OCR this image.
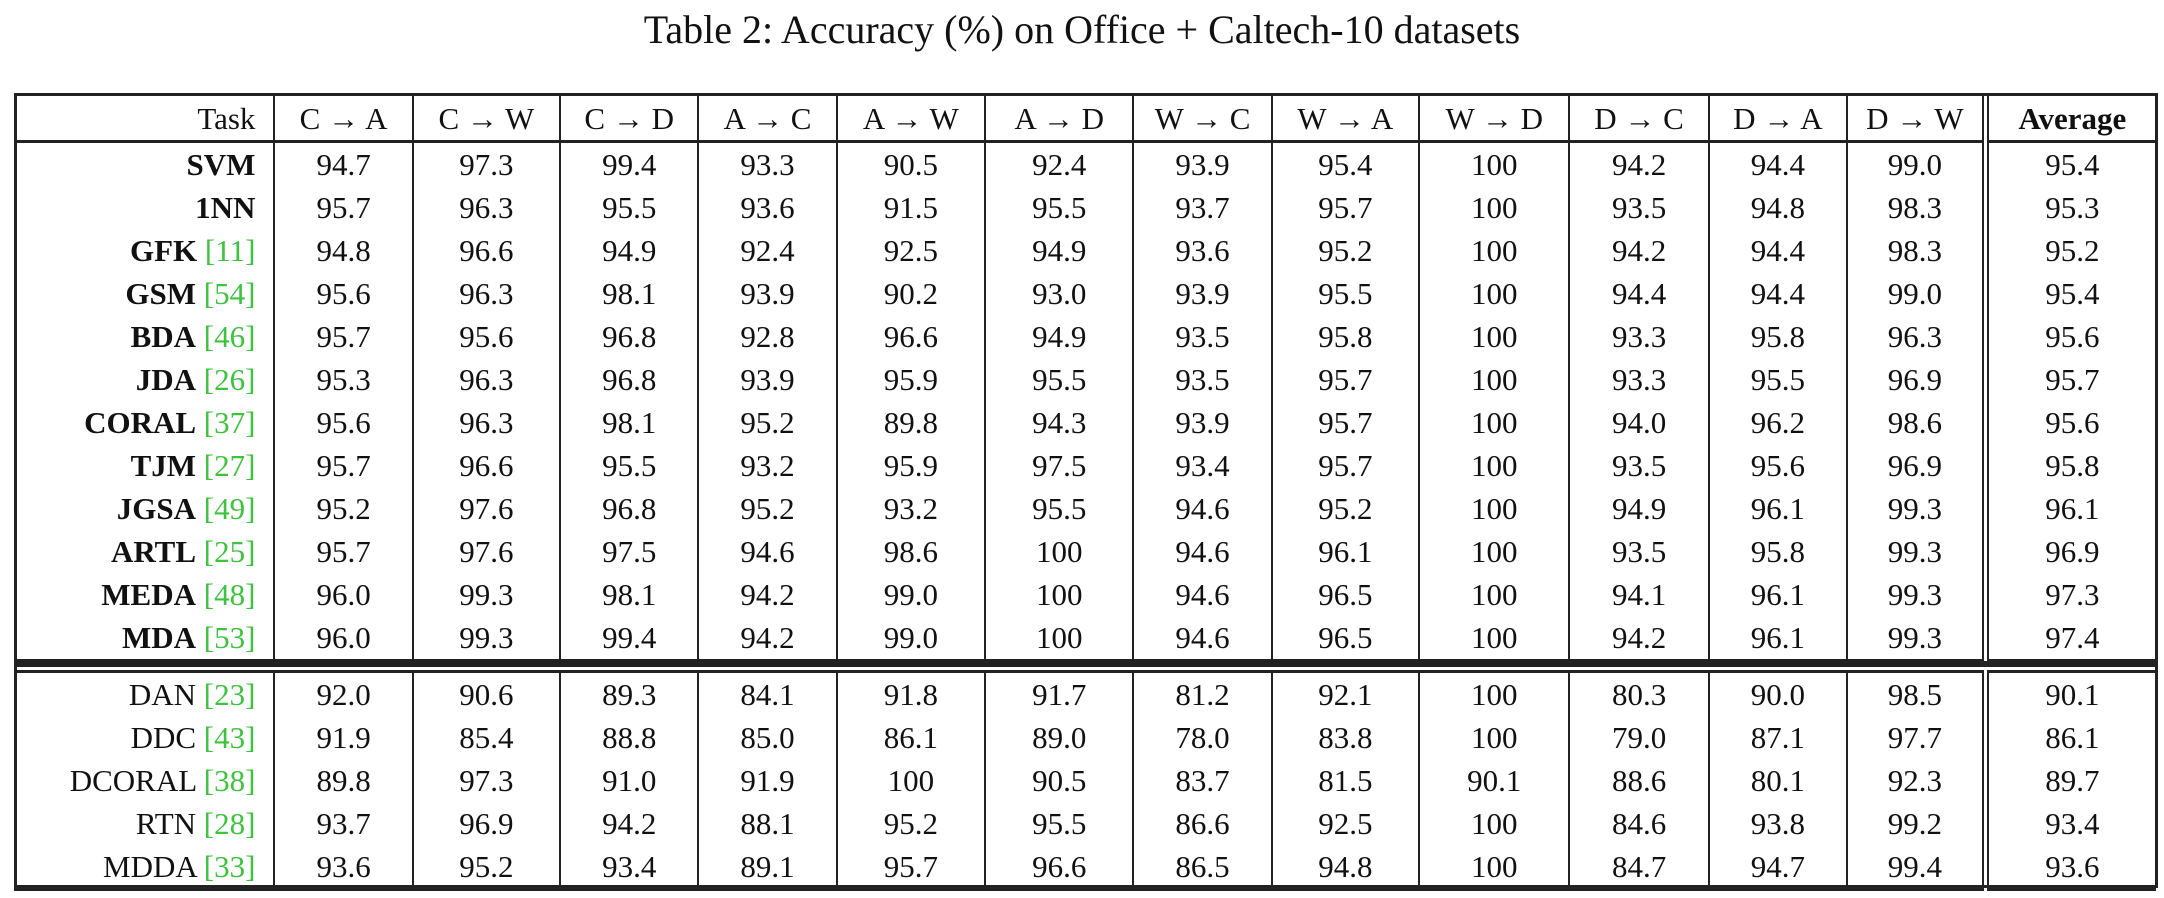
Table 2: Accuracy (%) on Office + Caltech-10 datasets
Task	C → A	C → W	C → D	A → C	A → W	A → D	W → C	W → A	W → D	D → C	D → A	D → W	Average
SVM	94.7	97.3	99.4	93.3	90.5	92.4	93.9	95.4	100	94.2	94.4	99.0	95.4
1NN	95.7	96.3	95.5	93.6	91.5	95.5	93.7	95.7	100	93.5	94.8	98.3	95.3
GFK [11]	94.8	96.6	94.9	92.4	92.5	94.9	93.6	95.2	100	94.2	94.4	98.3	95.2
GSM [54]	95.6	96.3	98.1	93.9	90.2	93.0	93.9	95.5	100	94.4	94.4	99.0	95.4
BDA [46]	95.7	95.6	96.8	92.8	96.6	94.9	93.5	95.8	100	93.3	95.8	96.3	95.6
JDA [26]	95.3	96.3	96.8	93.9	95.9	95.5	93.5	95.7	100	93.3	95.5	96.9	95.7
CORAL [37]	95.6	96.3	98.1	95.2	89.8	94.3	93.9	95.7	100	94.0	96.2	98.6	95.6
TJM [27]	95.7	96.6	95.5	93.2	95.9	97.5	93.4	95.7	100	93.5	95.6	96.9	95.8
JGSA [49]	95.2	97.6	96.8	95.2	93.2	95.5	94.6	95.2	100	94.9	96.1	99.3	96.1
ARTL [25]	95.7	97.6	97.5	94.6	98.6	100	94.6	96.1	100	93.5	95.8	99.3	96.9
MEDA [48]	96.0	99.3	98.1	94.2	99.0	100	94.6	96.5	100	94.1	96.1	99.3	97.3
MDA [53]	96.0	99.3	99.4	94.2	99.0	100	94.6	96.5	100	94.2	96.1	99.3	97.4

DAN [23]	92.0	90.6	89.3	84.1	91.8	91.7	81.2	92.1	100	80.3	90.0	98.5	90.1
DDC [43]	91.9	85.4	88.8	85.0	86.1	89.0	78.0	83.8	100	79.0	87.1	97.7	86.1
DCORAL [38]	89.8	97.3	91.0	91.9	100	90.5	83.7	81.5	90.1	88.6	80.1	92.3	89.7
RTN [28]	93.7	96.9	94.2	88.1	95.2	95.5	86.6	92.5	100	84.6	93.8	99.2	93.4
MDDA [33]	93.6	95.2	93.4	89.1	95.7	96.6	86.5	94.8	100	84.7	94.7	99.4	93.6
